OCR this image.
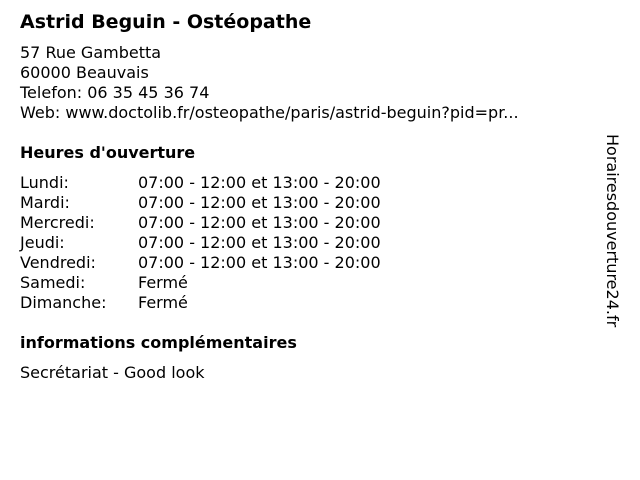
Astrid Beguin - Ostéopathe
57 Rue Gambetta
60000 Beauvais
Telefon: 06 35 45 36 74
Web: www.doctolib.fr/osteopathe/paris/astrid-beguin?pid=pr...
Heures d'ouverture
Lundi:	07:00 - 12:00 et 13:00 - 20:00
Mardi:	07:00 - 12:00 et 13:00 - 20:00
Mercredi:	07:00 - 12:00 et 13:00 - 20:00
Jeudi:	07:00 - 12:00 et 13:00 - 20:00
Vendredi:	07:00 - 12:00 et 13:00 - 20:00
Samedi:	Fermé
Dimanche:	Fermé
informations complémentaires
Secrétariat - Good look
Horairesdouverture24.fr
